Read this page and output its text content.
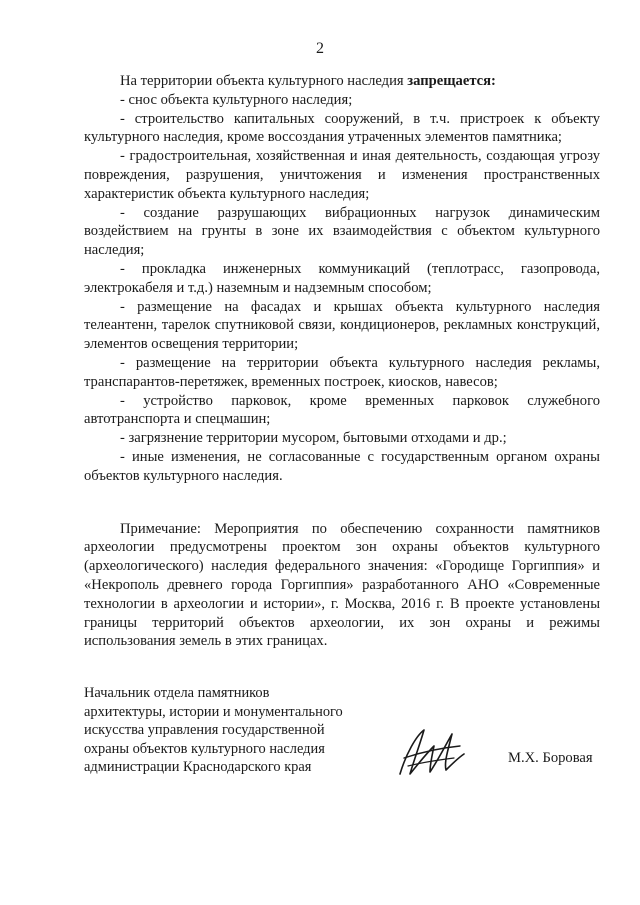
2

На территории объекта культурного наследия запрещается:

- снос объекта культурного наследия;

- строительство капитальных сооружений, в т.ч. пристроек к объекту

культурного наследия, кроме воссоздания утраченных элементов памятника;

- градостроительная, хозяйственная и иная деятельность, создающая угрозу

повреждения, разрушения, уничтожения и изменения пространственных

характеристик объекта культурного наследия;

- создание разрушающих вибрационных нагрузок динамическим

воздействием на грунты в зоне их взаимодействия с объектом культурного

наследия;

- прокладка инженерных коммуникаций (теплотрасс, газопровода,

электрокабеля и т.д.) наземным и надземным способом;

- размещение на фасадах и крышах объекта культурного наследия

телеантенн, тарелок спутниковой связи, кондиционеров, рекламных конструкций,

элементов освещения территории;

- размещение на территории объекта культурного наследия рекламы,

транспарантов-перетяжек, временных построек, киосков, навесов;

- устройство парковок, кроме временных парковок служебного

автотранспорта и спецмашин;

- загрязнение территории мусором, бытовыми отходами и др.;

- иные изменения, не согласованные с государственным органом охраны

объектов культурного наследия.

Примечание: Мероприятия по обеспечению сохранности памятников

археологии предусмотрены проектом зон охраны объектов культурного

(археологического) наследия федерального значения: «Городище Горгиппия» и

«Некрополь древнего города Горгиппия» разработанного АНО «Современные

технологии в археологии и истории», г. Москва, 2016 г. В проекте установлены

границы территорий объектов археологии, их зон охраны и режимы

использования земель в этих границах.

Начальник отдела памятников
архитектуры, истории и монументального
искусства управления государственной
охраны объектов культурного наследия
администрации Краснодарского края
М.Х. Боровая
